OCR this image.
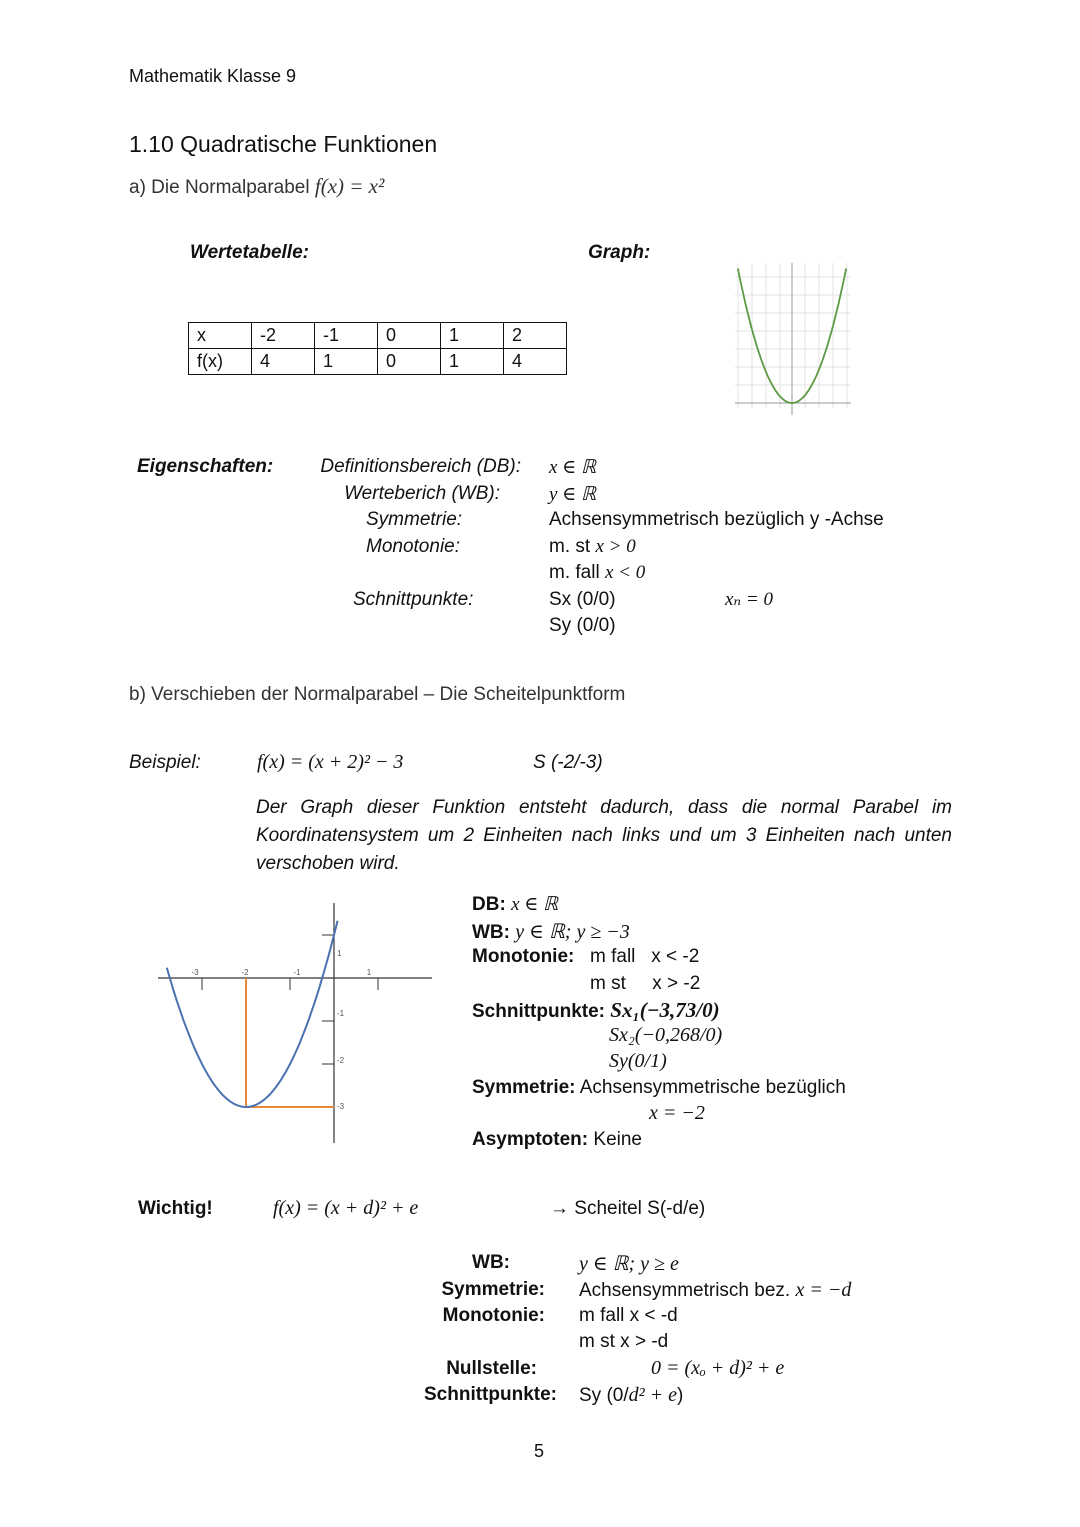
Mathematik Klasse 9
1.10 Quadratische Funktionen
a) Die Normalparabel f(x) = x²
Wertetabelle:
x	-2	-1	0	1	2
f(x)	4	1	0	1	4
Graph:
Eigenschaften:	Definitionsbereich (DB): x ∈ ℝ
Werteberich (WB):	y ∈ ℝ
Symmetrie:	Achsensymmetrisch bezüglich y -Achse
Monotonie:	m. st x > 0
m. fall x < 0
Schnittpunkte:	Sx (0/0)	xₙ = 0
Sy (0/0)
b) Verschieben der Normalparabel – Die Scheitelpunktform
Beispiel:	f(x) = (x + 2)² − 3	S (-2/-3)
Der Graph dieser Funktion entsteht dadurch, dass die normal Parabel im Koordinatensystem um 2 Einheiten nach links und um 3 Einheiten nach unten verschoben wird.
-3	-2	-1	1
1
-1
-2
-3
DB: x ∈ ℝ
WB: y ∈ ℝ; y ≥ −3
Monotonie: m fall   x < -2
m st     x > -2
Schnittpunkte: Sx₁(−3,73/0)
Sx₂(−0,268/0)
Sy(0/1)
Symmetrie: Achsensymmetrische bezüglich
x = −2
Asymptoten: Keine
Wichtig!	f(x) = (x + d)² + e	→ Scheitel S(-d/e)
WB:	y ∈ ℝ; y ≥ e
Symmetrie: Achsensymmetrisch bez. x = −d
Monotonie: m fall x < -d
m st x > -d
Nullstelle:	0 = (xₒ + d)² + e
Schnittpunkte: Sy (0/d² + e)
5
